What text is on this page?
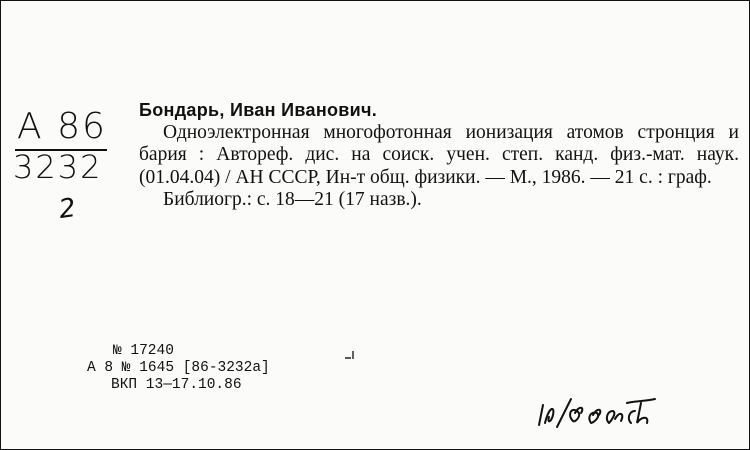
А 86
3232
2

Бондарь, Иван Иванович.

Одноэлектронная многофотонная ионизация атомов стронция и бария : Автореф. дис. на соиск. учен. степ. канд. физ.-мат. наук. (01.04.04) / АН СССР, Ин-т общ. физики. — М., 1986. — 21 с. : граф.

Библиогр.: с. 18—21 (17 назв.).

№ 17240
А 8 № 1645 [86-3232а]
ВКП 13—17.10.86
